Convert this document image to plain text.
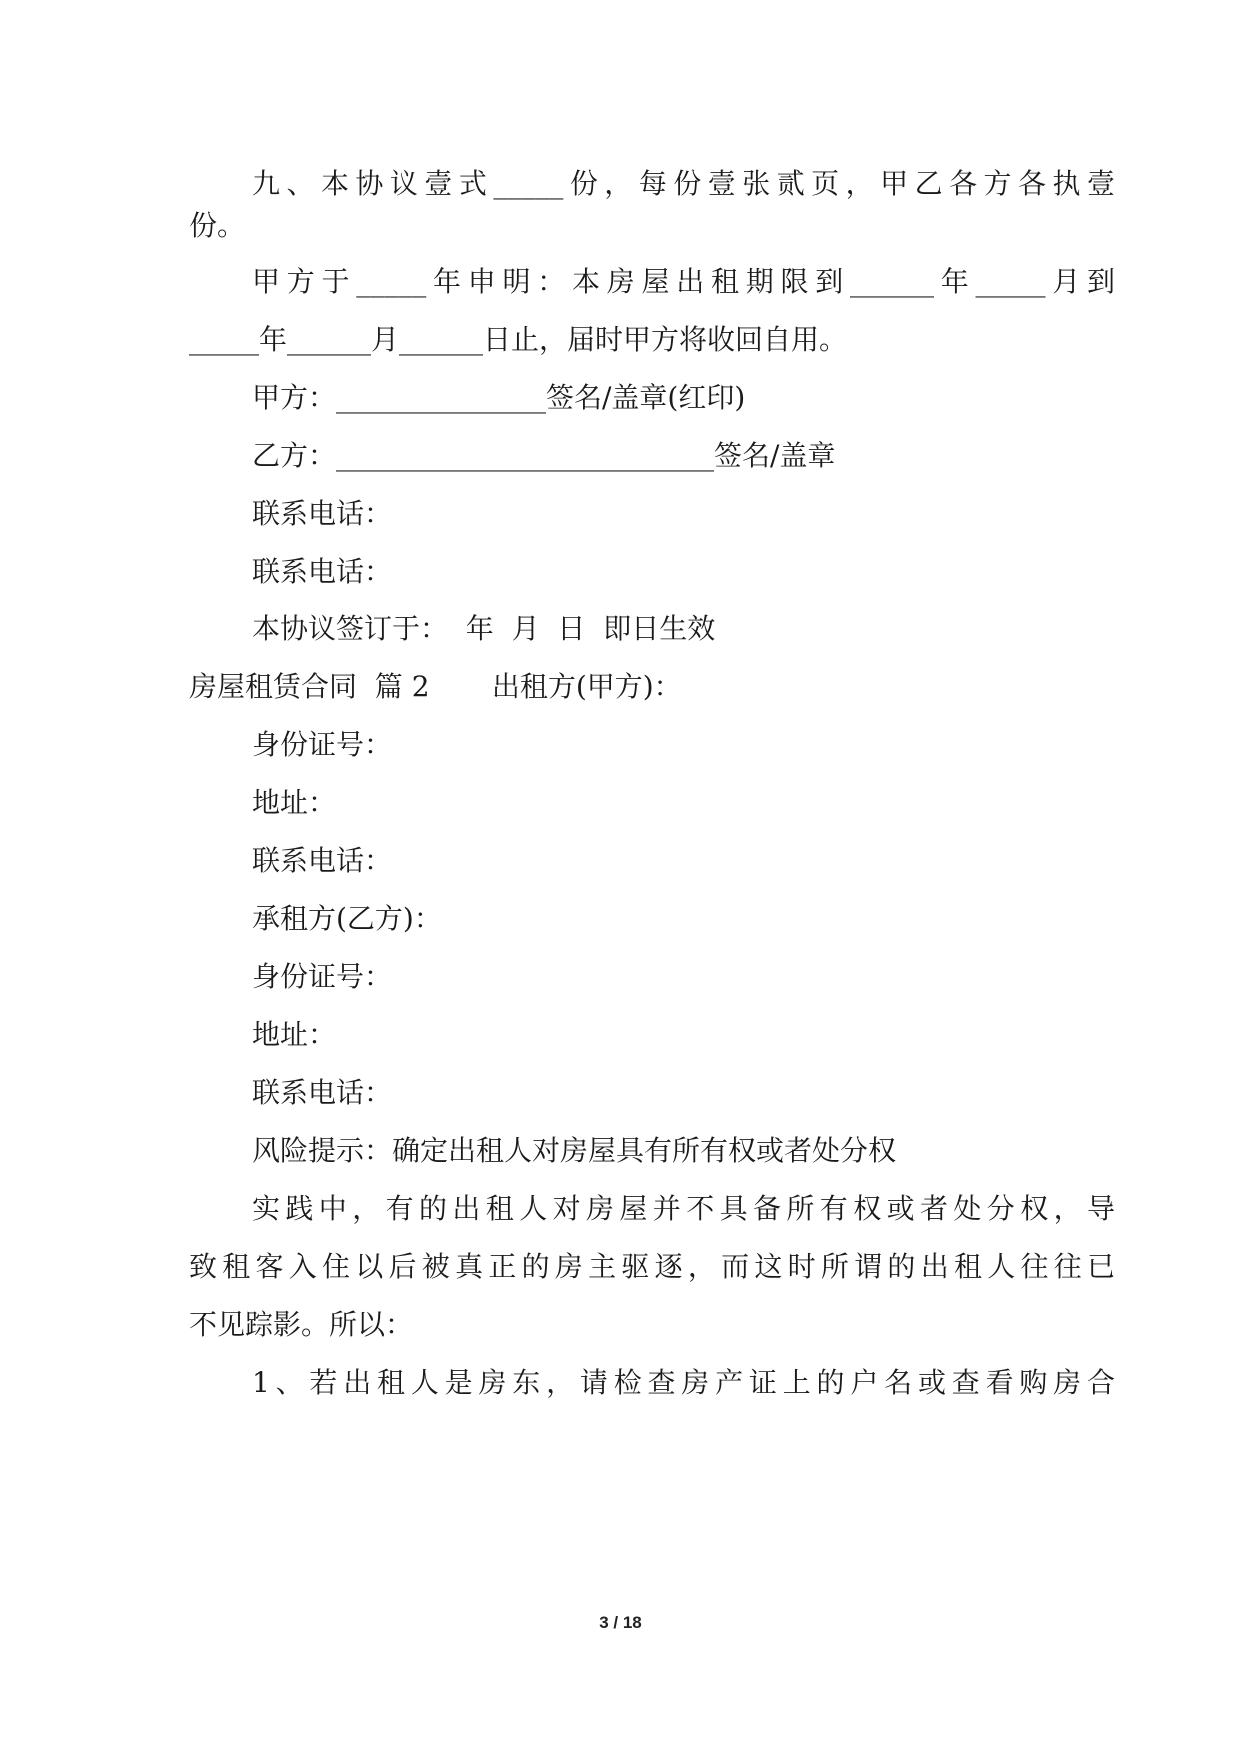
九、本协议壹式_____份，每份壹张贰页，甲乙各方各执壹

份。

甲方于_____年申明：本房屋出租期限到______年_____月到

_____年______月______日止，届时甲方将收回自用。

甲方：_______________签名/盖章(红印)

乙方：___________________________签名/盖章

联系电话：

联系电话：

本协议签订于：  年  月  日  即日生效

房屋租赁合同  篇 2       出租方(甲方)：

身份证号：

地址：

联系电话：

承租方(乙方)：

身份证号：

地址：

联系电话：

风险提示：确定出租人对房屋具有所有权或者处分权

实践中，有的出租人对房屋并不具备所有权或者处分权，导

致租客入住以后被真正的房主驱逐，而这时所谓的出租人往往已

不见踪影。所以：

1、若出租人是房东，请检查房产证上的户名或查看购房合

3 / 18
